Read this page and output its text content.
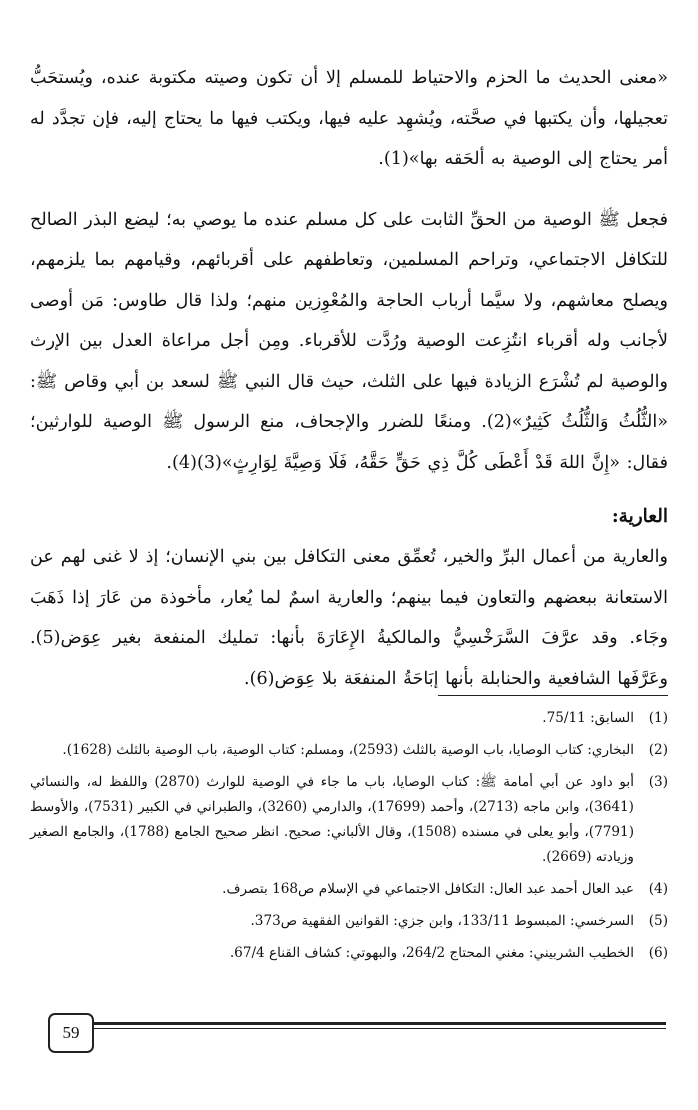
«معنى الحديث ما الحزم والاحتياط للمسلم إلا أن تكون وصيته مكتوبة عنده، ويُستحَبُّ تعجيلها، وأن يكتبها في صحَّته، ويُشهِد عليه فيها، ويكتب فيها ما يحتاج إليه، فإن تجدَّد له أمر يحتاج إلى الوصية به ألحَقه بها»(1).

فجعل ﷺ الوصية من الحقِّ الثابت على كل مسلم عنده ما يوصي به؛ ليضع البذر الصالح للتكافل الاجتماعي، وتراحم المسلمين، وتعاطفهم على أقربائهم، وقيامهم بما يلزمهم، ويصلح معاشهم، ولا سيَّما أرباب الحاجة والمُعْوِزين منهم؛ ولذا قال طاوس: مَن أوصى لأجانب وله أقرباء انتُزِعت الوصية ورُدَّت للأقرباء. ومِن أجل مراعاة العدل بين الإرث والوصية لم تُشْرَع الزيادة فيها على الثلث، حيث قال النبي ﷺ لسعد بن أبي وقاص ﷺ: «الثُّلُثُ وَالثُّلُثُ كَثِيرٌ»(2). ومنعًا للضرر والإجحاف، منع الرسول ﷺ الوصية للوارثين؛ فقال: «إِنَّ اللهَ قَدْ أَعْطَى كُلَّ ذِي حَقٍّ حَقَّهُ، فَلَا وَصِيَّةَ لِوَارِثٍ»(3)(4).

العارية:

والعارية من أعمال البرِّ والخير، تُعمِّق معنى التكافل بين بني الإنسان؛ إذ لا غنى لهم عن الاستعانة ببعضهم والتعاون فيما بينهم؛ والعارية اسمٌ لما يُعار، مأخوذة من عَارَ إذا ذَهَبَ وجَاء. وقد عرَّفَ السَّرَخْسِيُّ والمالكيةُ الإِعَارَةَ بأنها: تمليك المنفعة بغير عِوَض(5). وعَرَّفَها الشافعية والحنابلة بأنها إبَاحَةُ المنفعَة بلا عِوَض(6).

(1)
السابق: 75/11.
(2)
البخاري: كتاب الوصايا، باب الوصية بالثلث (2593)، ومسلم: كتاب الوصية، باب الوصية بالثلث (1628).
(3)
أبو داود عن أبي أمامة ﷺ: كتاب الوصايا، باب ما جاء في الوصية للوارث (2870) واللفظ له، والنسائي (3641)، وابن ماجه (2713)، وأحمد (17699)، والدارمي (3260)، والطبراني في الكبير (7531)، والأوسط (7791)، وأبو يعلى في مسنده (1508)، وقال الألباني: صحيح. انظر صحيح الجامع (1788)، والجامع الصغير وزيادته (2669).
(4)
عبد العال أحمد عبد العال: التكافل الاجتماعي في الإسلام ص168 بتصرف.
(5)
السرخسي: المبسوط 133/11، وابن جزي: القوانين الفقهية ص373.
(6)
الخطيب الشربيني: مغني المحتاج 264/2، والبهوتي: كشاف القناع 67/4.
59
